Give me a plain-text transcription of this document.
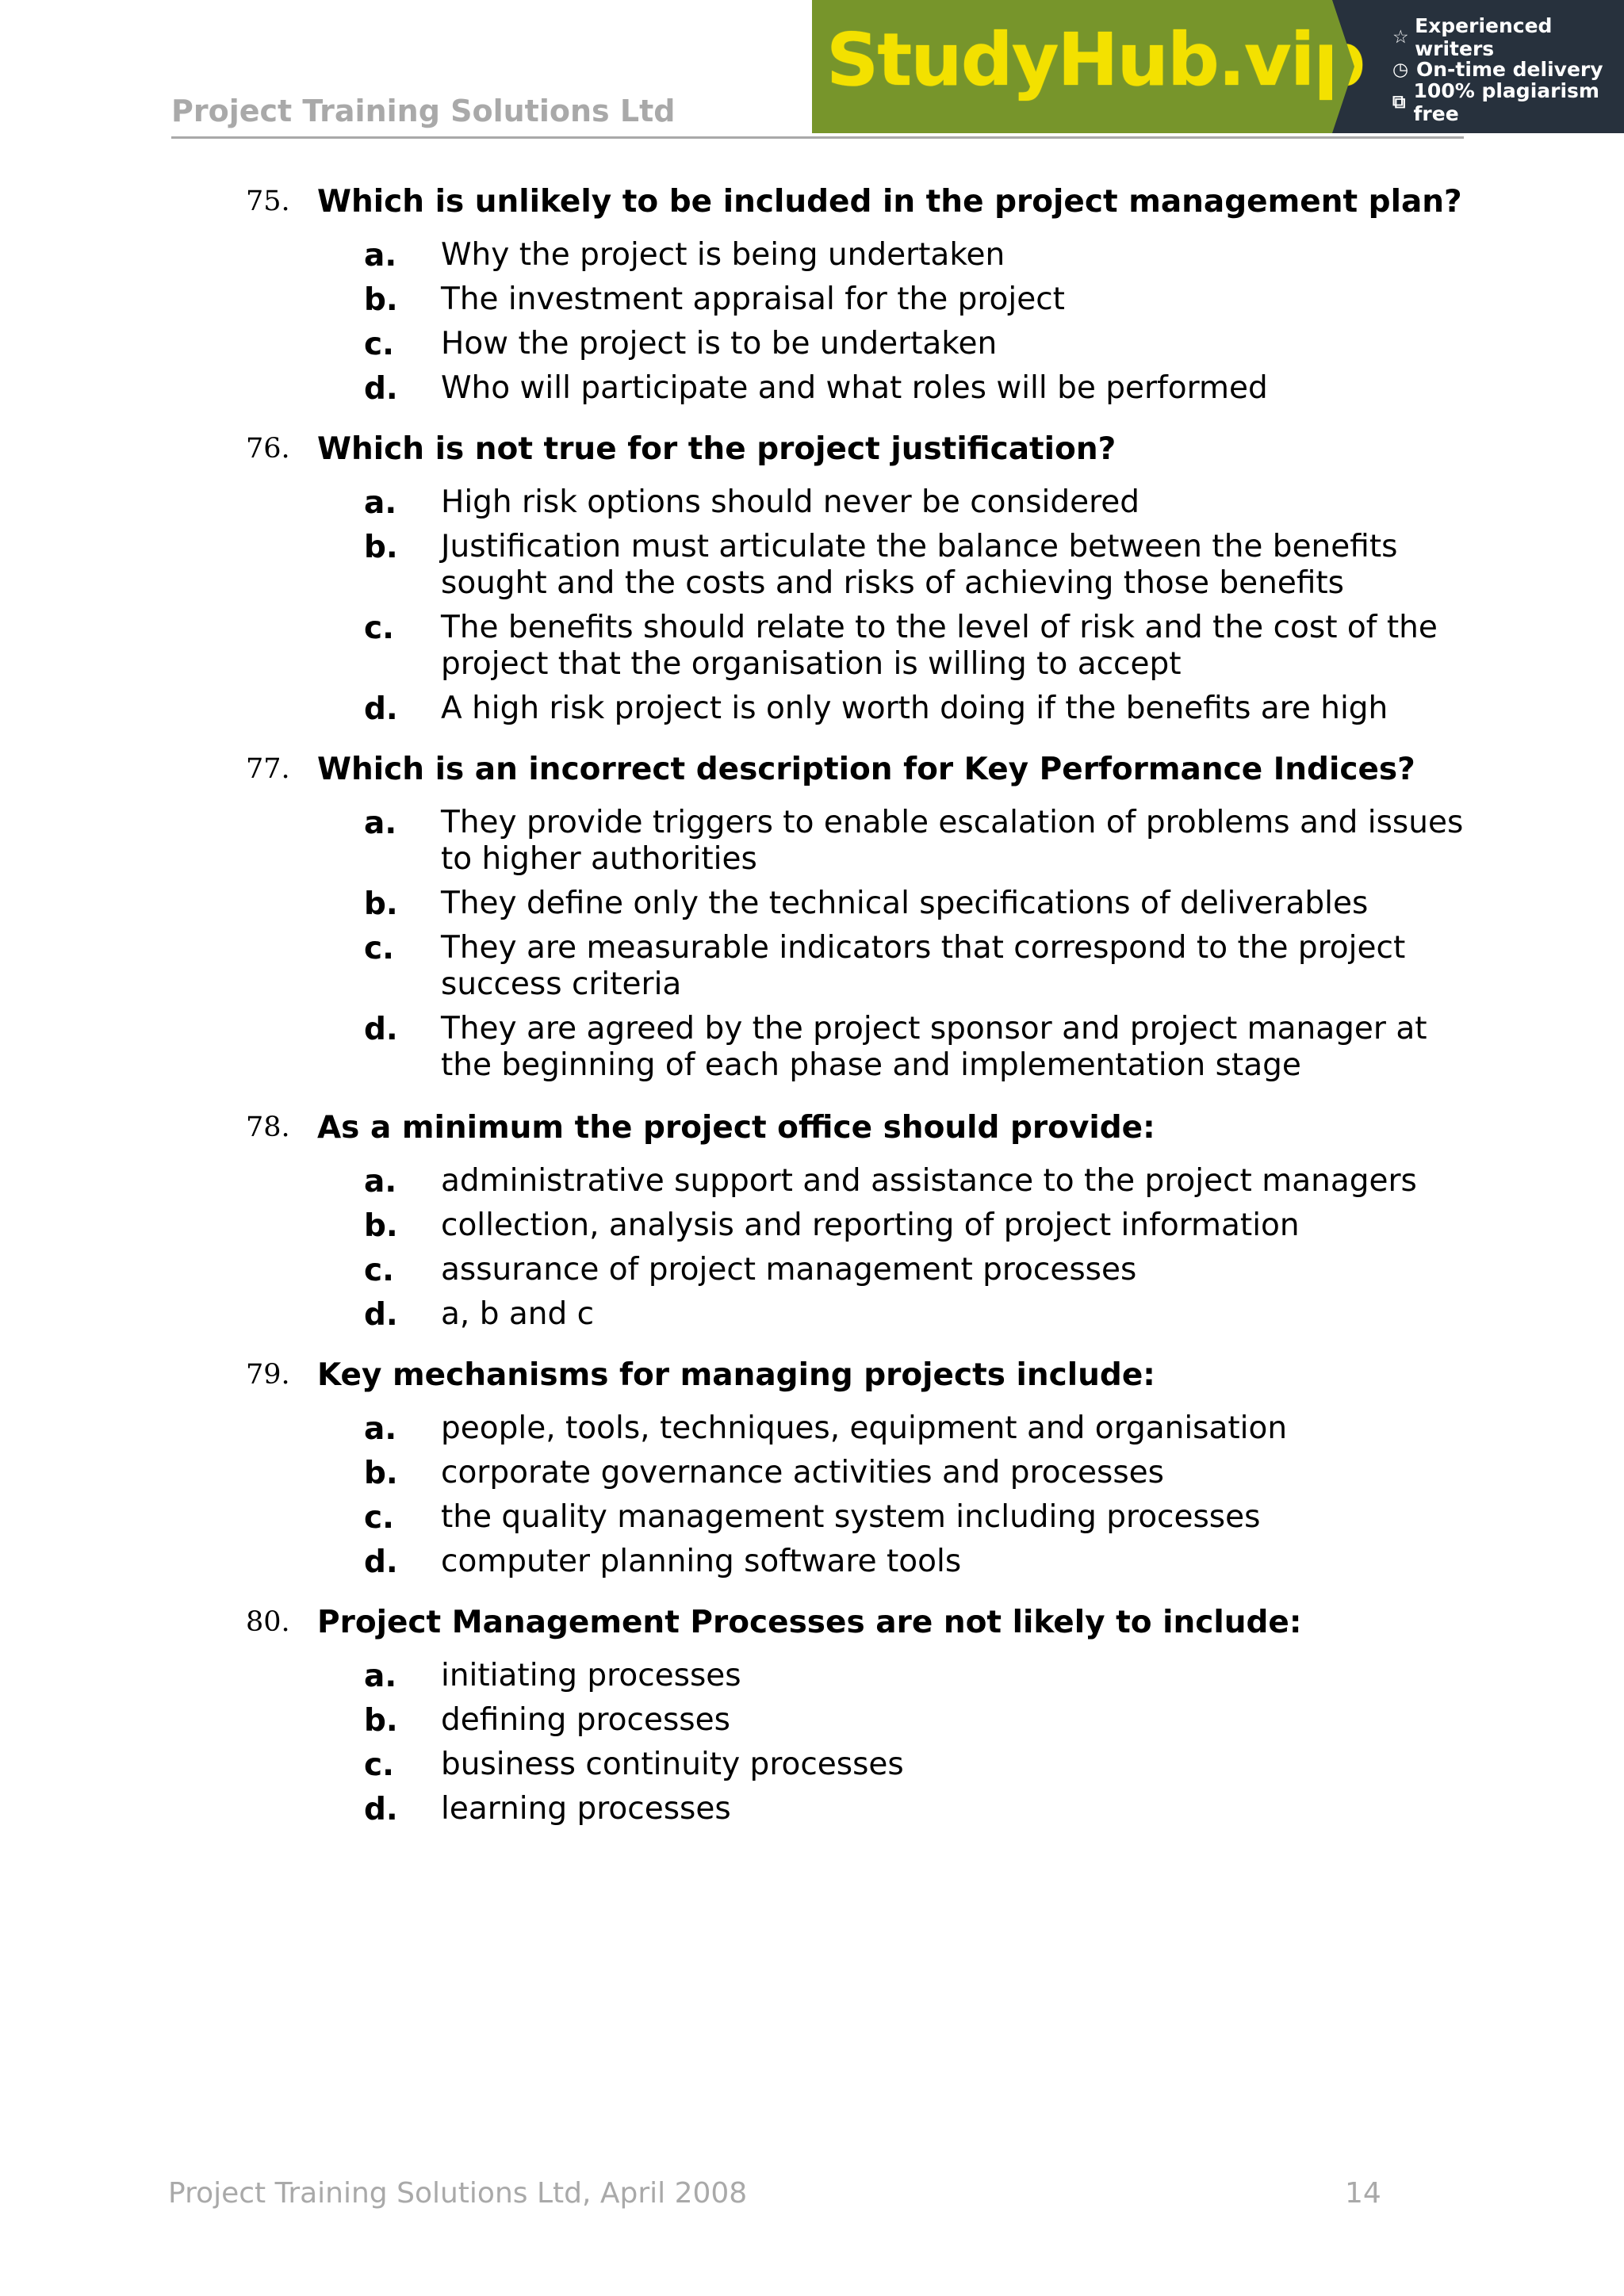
Project Training Solutions Ltd
StudyHub.vip ☆ Experienced writers
◷ On-time delivery
⧉ 100% plagiarism free
75. Which is unlikely to be included in the project management plan?
a. Why the project is being undertaken
b. The investment appraisal for the project
c. How the project is to be undertaken
d. Who will participate and what roles will be performed
76. Which is not true for the project justification?
a. High risk options should never be considered
b. Justification must articulate the balance between the benefits sought and the costs and risks of achieving those benefits
c. The benefits should relate to the level of risk and the cost of the project that the organisation is willing to accept
d. A high risk project is only worth doing if the benefits are high
77. Which is an incorrect description for Key Performance Indices?
a. They provide triggers to enable escalation of problems and issues to higher authorities
b. They define only the technical specifications of deliverables
c. They are measurable indicators that correspond to the project success criteria
d. They are agreed by the project sponsor and project manager at the beginning of each phase and implementation stage
78. As a minimum the project office should provide:
a. administrative support and assistance to the project managers
b. collection, analysis and reporting of project information
c. assurance of project management processes
d. a, b and c
79. Key mechanisms for managing projects include:
a. people, tools, techniques, equipment and organisation
b. corporate governance activities and processes
c. the quality management system including processes
d. computer planning software tools
80. Project Management Processes are not likely to include:
a. initiating processes
b. defining processes
c. business continuity processes
d. learning processes
Project Training Solutions Ltd, April 2008	14
